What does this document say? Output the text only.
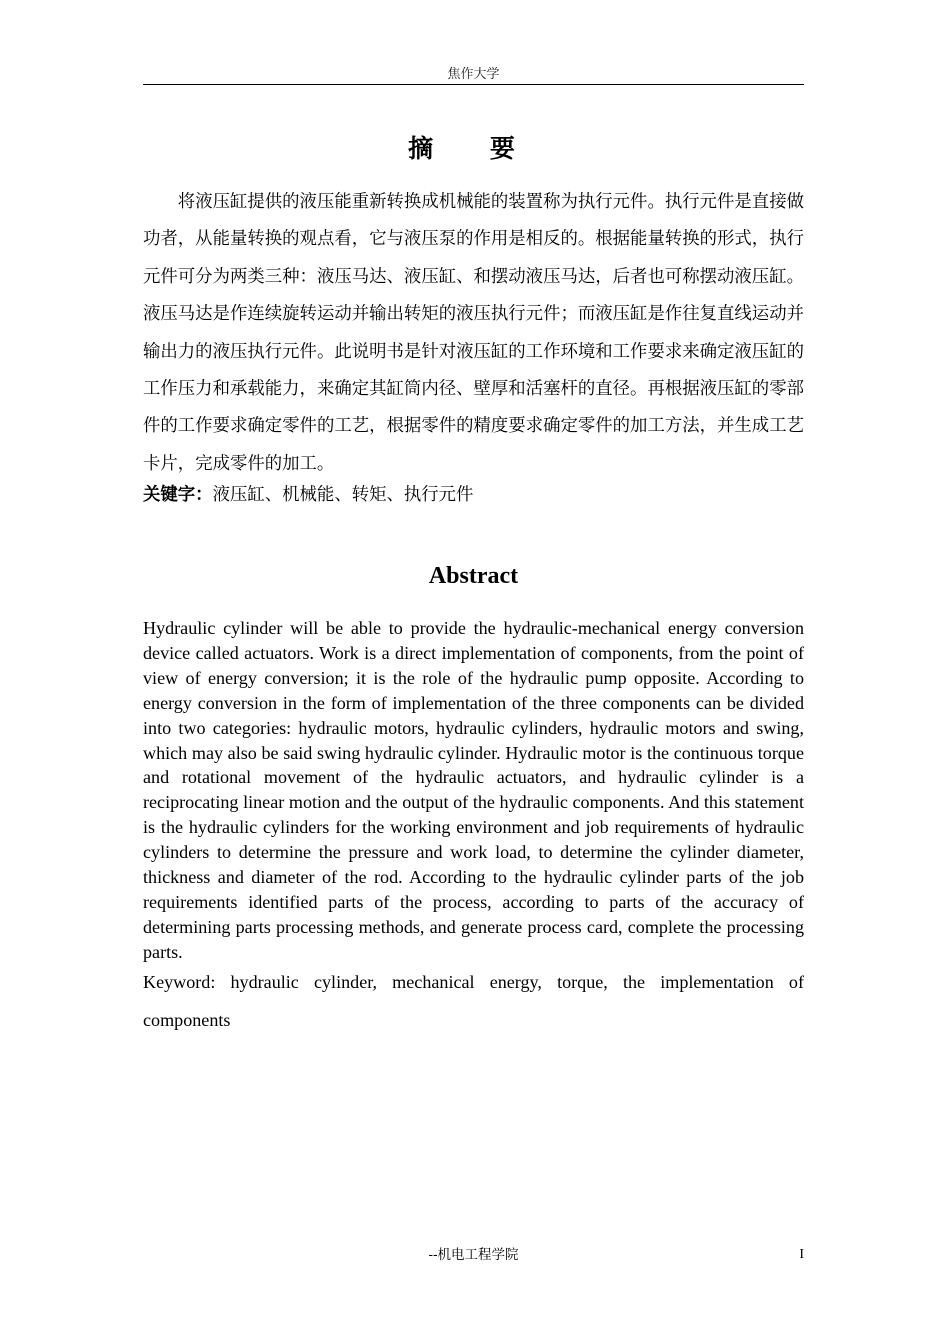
焦作大学
摘 要

将液压缸提供的液压能重新转换成机械能的装置称为执行元件。执行元件是直接做功者，从能量转换的观点看，它与液压泵的作用是相反的。根据能量转换的形式，执行元件可分为两类三种：液压马达、液压缸、和摆动液压马达，后者也可称摆动液压缸。液压马达是作连续旋转运动并输出转矩的液压执行元件；而液压缸是作往复直线运动并输出力的液压执行元件。此说明书是针对液压缸的工作环境和工作要求来确定液压缸的工作压力和承载能力，来确定其缸筒内径、壁厚和活塞杆的直径。再根据液压缸的零部件的工作要求确定零件的工艺，根据零件的精度要求确定零件的加工方法，并生成工艺卡片，完成零件的加工。

关键字：液压缸、机械能、转矩、执行元件
Abstract

Hydraulic cylinder will be able to provide the hydraulic-mechanical energy conversion device called actuators. Work is a direct implementation of components, from the point of view of energy conversion; it is the role of the hydraulic pump opposite. According to energy conversion in the form of implementation of the three components can be divided into two categories: hydraulic motors, hydraulic cylinders, hydraulic motors and swing, which may also be said swing hydraulic cylinder. Hydraulic motor is the continuous torque and rotational movement of the hydraulic actuators, and hydraulic cylinder is a reciprocating linear motion and the output of the hydraulic components. And this statement is the hydraulic cylinders for the working environment and job requirements of hydraulic cylinders to determine the pressure and work load, to determine the cylinder diameter, thickness and diameter of the rod. According to the hydraulic cylinder parts of the job requirements identified parts of the process, according to parts of the accuracy of determining parts processing methods, and generate process card, complete the processing parts.

Keyword: hydraulic cylinder, mechanical energy, torque, the implementation of components
--机电工程学院	I
